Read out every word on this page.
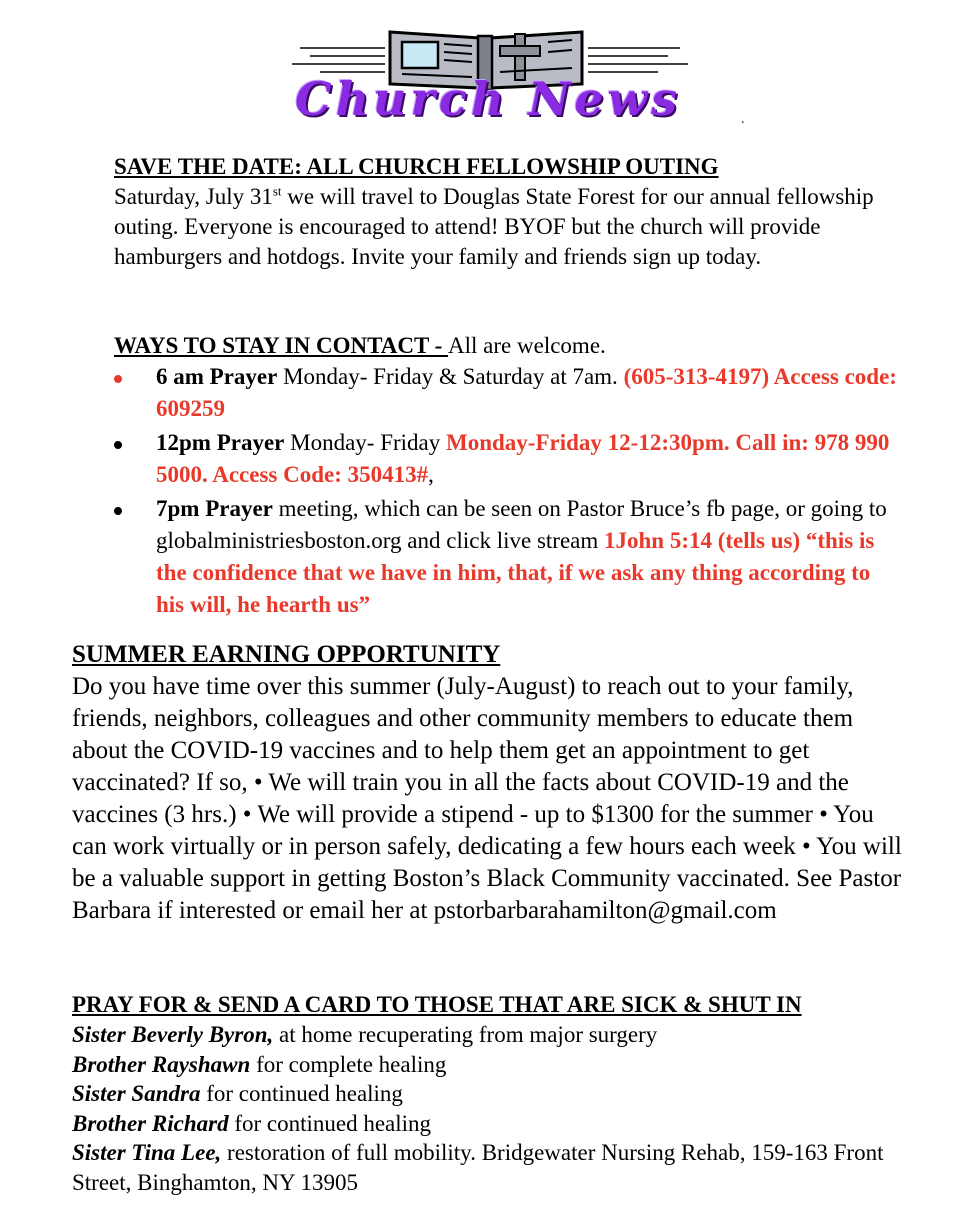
Church News	.
SAVE THE DATE: ALL CHURCH FELLOWSHIP OUTING

Saturday, July 31st we will travel to Douglas State Forest for our annual fellowship outing. Everyone is encouraged to attend! BYOF but the church will provide hamburgers and hotdogs. Invite your family and friends sign up today.

WAYS TO STAY IN CONTACT - All are welcome.
6 am Prayer Monday- Friday & Saturday at 7am. (605-313-4197) Access code: 609259
12pm Prayer Monday- Friday Monday-Friday 12-12:30pm. Call in: 978 990 5000. Access Code: 350413#,
7pm Prayer meeting, which can be seen on Pastor Bruce’s fb page, or going to globalministriesboston.org and click live stream 1John 5:14 (tells us) “this is the confidence that we have in him, that, if we ask any thing according to his will, he hearth us”
SUMMER EARNING OPPORTUNITY

Do you have time over this summer (July-August) to reach out to your family, friends, neighbors, colleagues and other community members to educate them about the COVID-19 vaccines and to help them get an appointment to get vaccinated? If so, • We will train you in all the facts about COVID-19 and the vaccines (3 hrs.) • We will provide a stipend - up to $1300 for the summer • You can work virtually or in person safely, dedicating a few hours each week • You will be a valuable support in getting Boston’s Black Community vaccinated. See Pastor Barbara if interested or email her at pstorbarbarahamilton@gmail.com

PRAY FOR & SEND A CARD TO THOSE THAT ARE SICK & SHUT IN

Sister Beverly Byron, at home recuperating from major surgery

Brother Rayshawn for complete healing

Sister Sandra for continued healing

Brother Richard for continued healing

Sister Tina Lee, restoration of full mobility. Bridgewater Nursing Rehab, 159-163 Front Street, Binghamton, NY 13905
